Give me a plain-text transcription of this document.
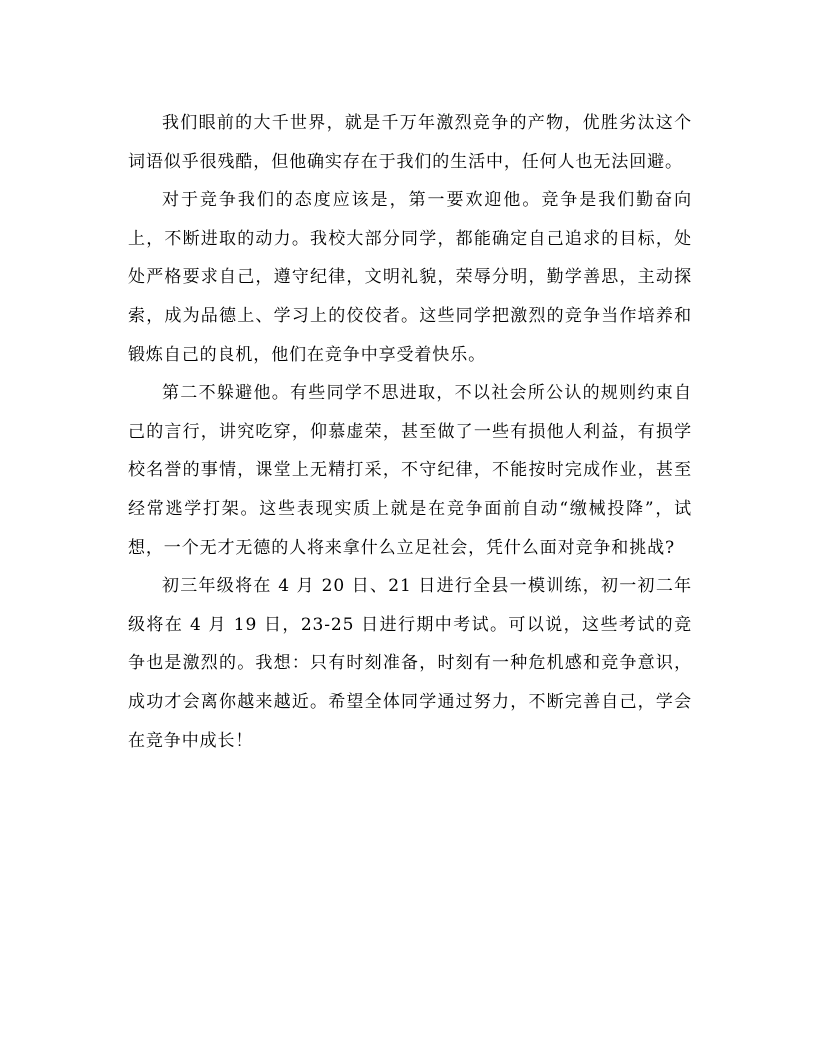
我们眼前的大千世界，就是千万年激烈竞争的产物，优胜劣汰这个词语似乎很残酷，但他确实存在于我们的生活中，任何人也无法回避。

对于竞争我们的态度应该是，第一要欢迎他。竞争是我们勤奋向上，不断进取的动力。我校大部分同学，都能确定自己追求的目标，处处严格要求自己，遵守纪律，文明礼貌，荣辱分明，勤学善思，主动探索，成为品德上、学习上的佼佼者。这些同学把激烈的竞争当作培养和锻炼自己的良机，他们在竞争中享受着快乐。

第二不躲避他。有些同学不思进取，不以社会所公认的规则约束自己的言行，讲究吃穿，仰慕虚荣，甚至做了一些有损他人利益，有损学校名誉的事情，课堂上无精打采，不守纪律，不能按时完成作业，甚至经常逃学打架。这些表现实质上就是在竞争面前自动“缴械投降”，试想，一个无才无德的人将来拿什么立足社会，凭什么面对竞争和挑战?

初三年级将在 4 月 20 日、21 日进行全县一模训练，初一初二年级将在 4 月 19 日，23-25 日进行期中考试。可以说，这些考试的竞争也是激烈的。我想：只有时刻准备，时刻有一种危机感和竞争意识，成功才会离你越来越近。希望全体同学通过努力，不断完善自己，学会在竞争中成长！
